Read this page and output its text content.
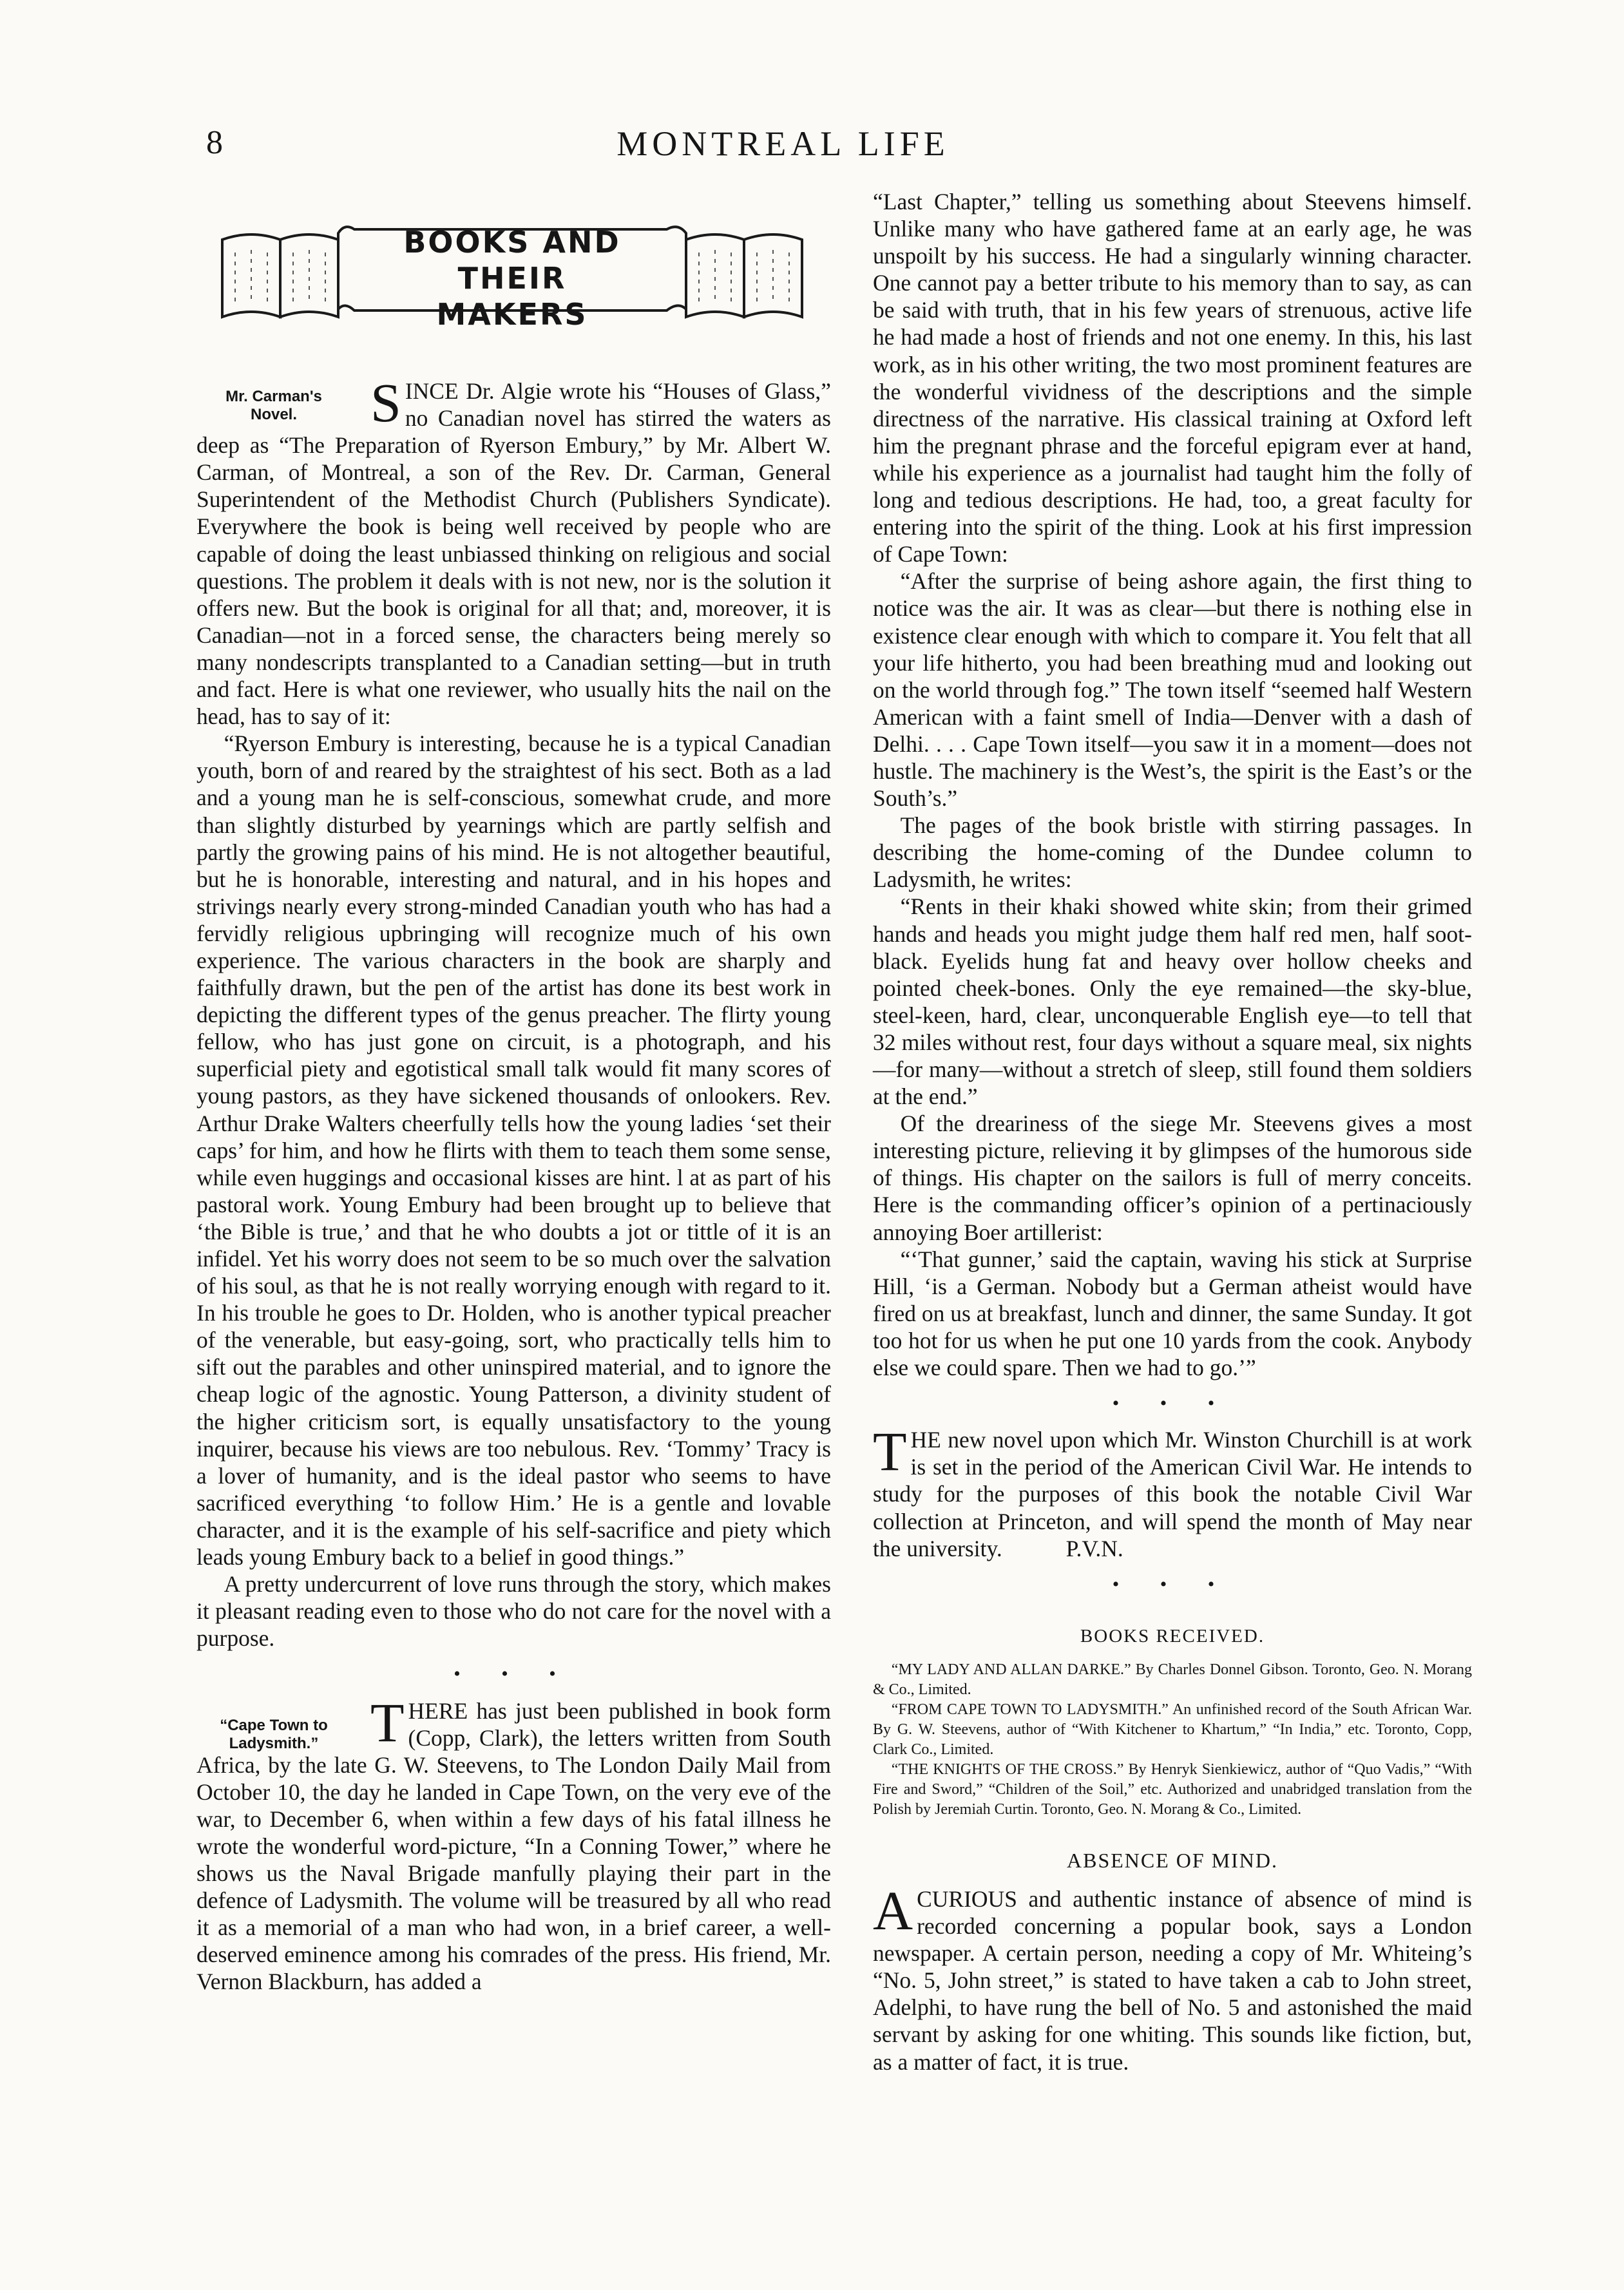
8	MONTREAL LIFE
BOOKS AND THEIR
MAKERS
Mr. Carman's
Novel.	SINCE Dr. Algie wrote his “Houses of Glass,” no Canadian novel has stirred the waters as deep as “The Preparation of Ryerson Embury,” by Mr. Albert W. Carman, of Montreal, a son of the Rev. Dr. Carman, General Superintendent of the Methodist Church (Publishers Syndicate). Everywhere the book is being well received by people who are capable of doing the least unbiassed thinking on religious and social questions. The problem it deals with is not new, nor is the solution it offers new. But the book is original for all that; and, moreover, it is Canadian—not in a forced sense, the characters being merely so many nondescripts transplanted to a Canadian setting—but in truth and fact. Here is what one reviewer, who usually hits the nail on the head, has to say of it:

“Ryerson Embury is interesting, because he is a typical Canadian youth, born of and reared by the straightest of his sect. Both as a lad and a young man he is self-conscious, somewhat crude, and more than slightly disturbed by yearnings which are partly selfish and partly the growing pains of his mind. He is not altogether beautiful, but he is honorable, interesting and natural, and in his hopes and strivings nearly every strong-minded Canadian youth who has had a fervidly religious upbringing will recognize much of his own experience. The various characters in the book are sharply and faithfully drawn, but the pen of the artist has done its best work in depicting the different types of the genus preacher. The flirty young fellow, who has just gone on circuit, is a photograph, and his superficial piety and egotistical small talk would fit many scores of young pastors, as they have sickened thousands of onlookers. Rev. Arthur Drake Walters cheerfully tells how the young ladies ‘set their caps’ for him, and how he flirts with them to teach them some sense, while even huggings and occasional kisses are hint. l at as part of his pastoral work. Young Embury had been brought up to believe that ‘the Bible is true,’ and that he who doubts a jot or tittle of it is an infidel. Yet his worry does not seem to be so much over the salvation of his soul, as that he is not really worrying enough with regard to it. In his trouble he goes to Dr. Holden, who is another typical preacher of the venerable, but easy-going, sort, who practically tells him to sift out the parables and other uninspired material, and to ignore the cheap logic of the agnostic. Young Patterson, a divinity student of the higher criticism sort, is equally unsatisfactory to the young inquirer, because his views are too nebulous. Rev. ‘Tommy’ Tracy is a lover of humanity, and is the ideal pastor who seems to have sacrificed everything ‘to follow Him.’ He is a gentle and lovable character, and it is the example of his self-sacrifice and piety which leads young Embury back to a belief in good things.”

A pretty undercurrent of love runs through the story, which makes it pleasant reading even to those who do not care for the novel with a purpose.

• • •
“Cape Town to
Ladysmith.” THERE has just been published in book form (Copp, Clark), the letters written from South Africa, by the late G. W. Steevens, to The London Daily Mail from October 10, the day he landed in Cape Town, on the very eve of the war, to December 6, when within a few days of his fatal illness he wrote the wonderful word-picture, “In a Conning Tower,” where he shows us the Naval Brigade manfully playing their part in the defence of Ladysmith. The volume will be treasured by all who read it as a memorial of a man who had won, in a brief career, a well-deserved eminence among his comrades of the press. His friend, Mr. Vernon Blackburn, has added a

“Last Chapter,” telling us something about Steevens himself. Unlike many who have gathered fame at an early age, he was unspoilt by his success. He had a singularly winning character. One cannot pay a better tribute to his memory than to say, as can be said with truth, that in his few years of strenuous, active life he had made a host of friends and not one enemy. In this, his last work, as in his other writing, the two most prominent features are the wonderful vividness of the descriptions and the simple directness of the narrative. His classical training at Oxford left him the pregnant phrase and the forceful epigram ever at hand, while his experience as a journalist had taught him the folly of long and tedious descriptions. He had, too, a great faculty for entering into the spirit of the thing. Look at his first impression of Cape Town:

“After the surprise of being ashore again, the first thing to notice was the air. It was as clear—but there is nothing else in existence clear enough with which to compare it. You felt that all your life hitherto, you had been breathing mud and looking out on the world through fog.” The town itself “seemed half Western American with a faint smell of India—Denver with a dash of Delhi. . . . Cape Town itself—you saw it in a moment—does not hustle. The machinery is the West’s, the spirit is the East’s or the South’s.”

The pages of the book bristle with stirring passages. In describing the home-coming of the Dundee column to Ladysmith, he writes:

“Rents in their khaki showed white skin; from their grimed hands and heads you might judge them half red men, half soot-black. Eyelids hung fat and heavy over hollow cheeks and pointed cheek-bones. Only the eye remained—the sky-blue, steel-keen, hard, clear, unconquerable English eye—to tell that 32 miles without rest, four days without a square meal, six nights—for many—without a stretch of sleep, still found them soldiers at the end.”

Of the dreariness of the siege Mr. Steevens gives a most interesting picture, relieving it by glimpses of the humorous side of things. His chapter on the sailors is full of merry conceits. Here is the commanding officer’s opinion of a pertinaciously annoying Boer artillerist:

“‘That gunner,’ said the captain, waving his stick at Surprise Hill, ‘is a German. Nobody but a German atheist would have fired on us at breakfast, lunch and dinner, the same Sunday. It got too hot for us when he put one 10 yards from the cook. Anybody else we could spare. Then we had to go.’”

• • •

THE new novel upon which Mr. Winston Churchill is at work is set in the period of the American Civil War. He intends to study for the purposes of this book the notable Civil War collection at Princeton, and will spend the month of May near the university.	P.V.N.

• • •
BOOKS RECEIVED.

“MY LADY AND ALLAN DARKE.” By Charles Donnel Gibson. Toronto, Geo. N. Morang & Co., Limited.

“FROM CAPE TOWN TO LADYSMITH.” An unfinished record of the South African War. By G. W. Steevens, author of “With Kitchener to Khartum,” “In India,” etc. Toronto, Copp, Clark Co., Limited.

“THE KNIGHTS OF THE CROSS.” By Henryk Sienkiewicz, author of “Quo Vadis,” “With Fire and Sword,” “Children of the Soil,” etc. Authorized and unabridged translation from the Polish by Jeremiah Curtin. Toronto, Geo. N. Morang & Co., Limited.

ABSENCE OF MIND.

ACURIOUS and authentic instance of absence of mind is recorded concerning a popular book, says a London newspaper. A certain person, needing a copy of Mr. Whiteing’s “No. 5, John street,” is stated to have taken a cab to John street, Adelphi, to have rung the bell of No. 5 and astonished the maid servant by asking for one whiting. This sounds like fiction, but, as a matter of fact, it is true.
